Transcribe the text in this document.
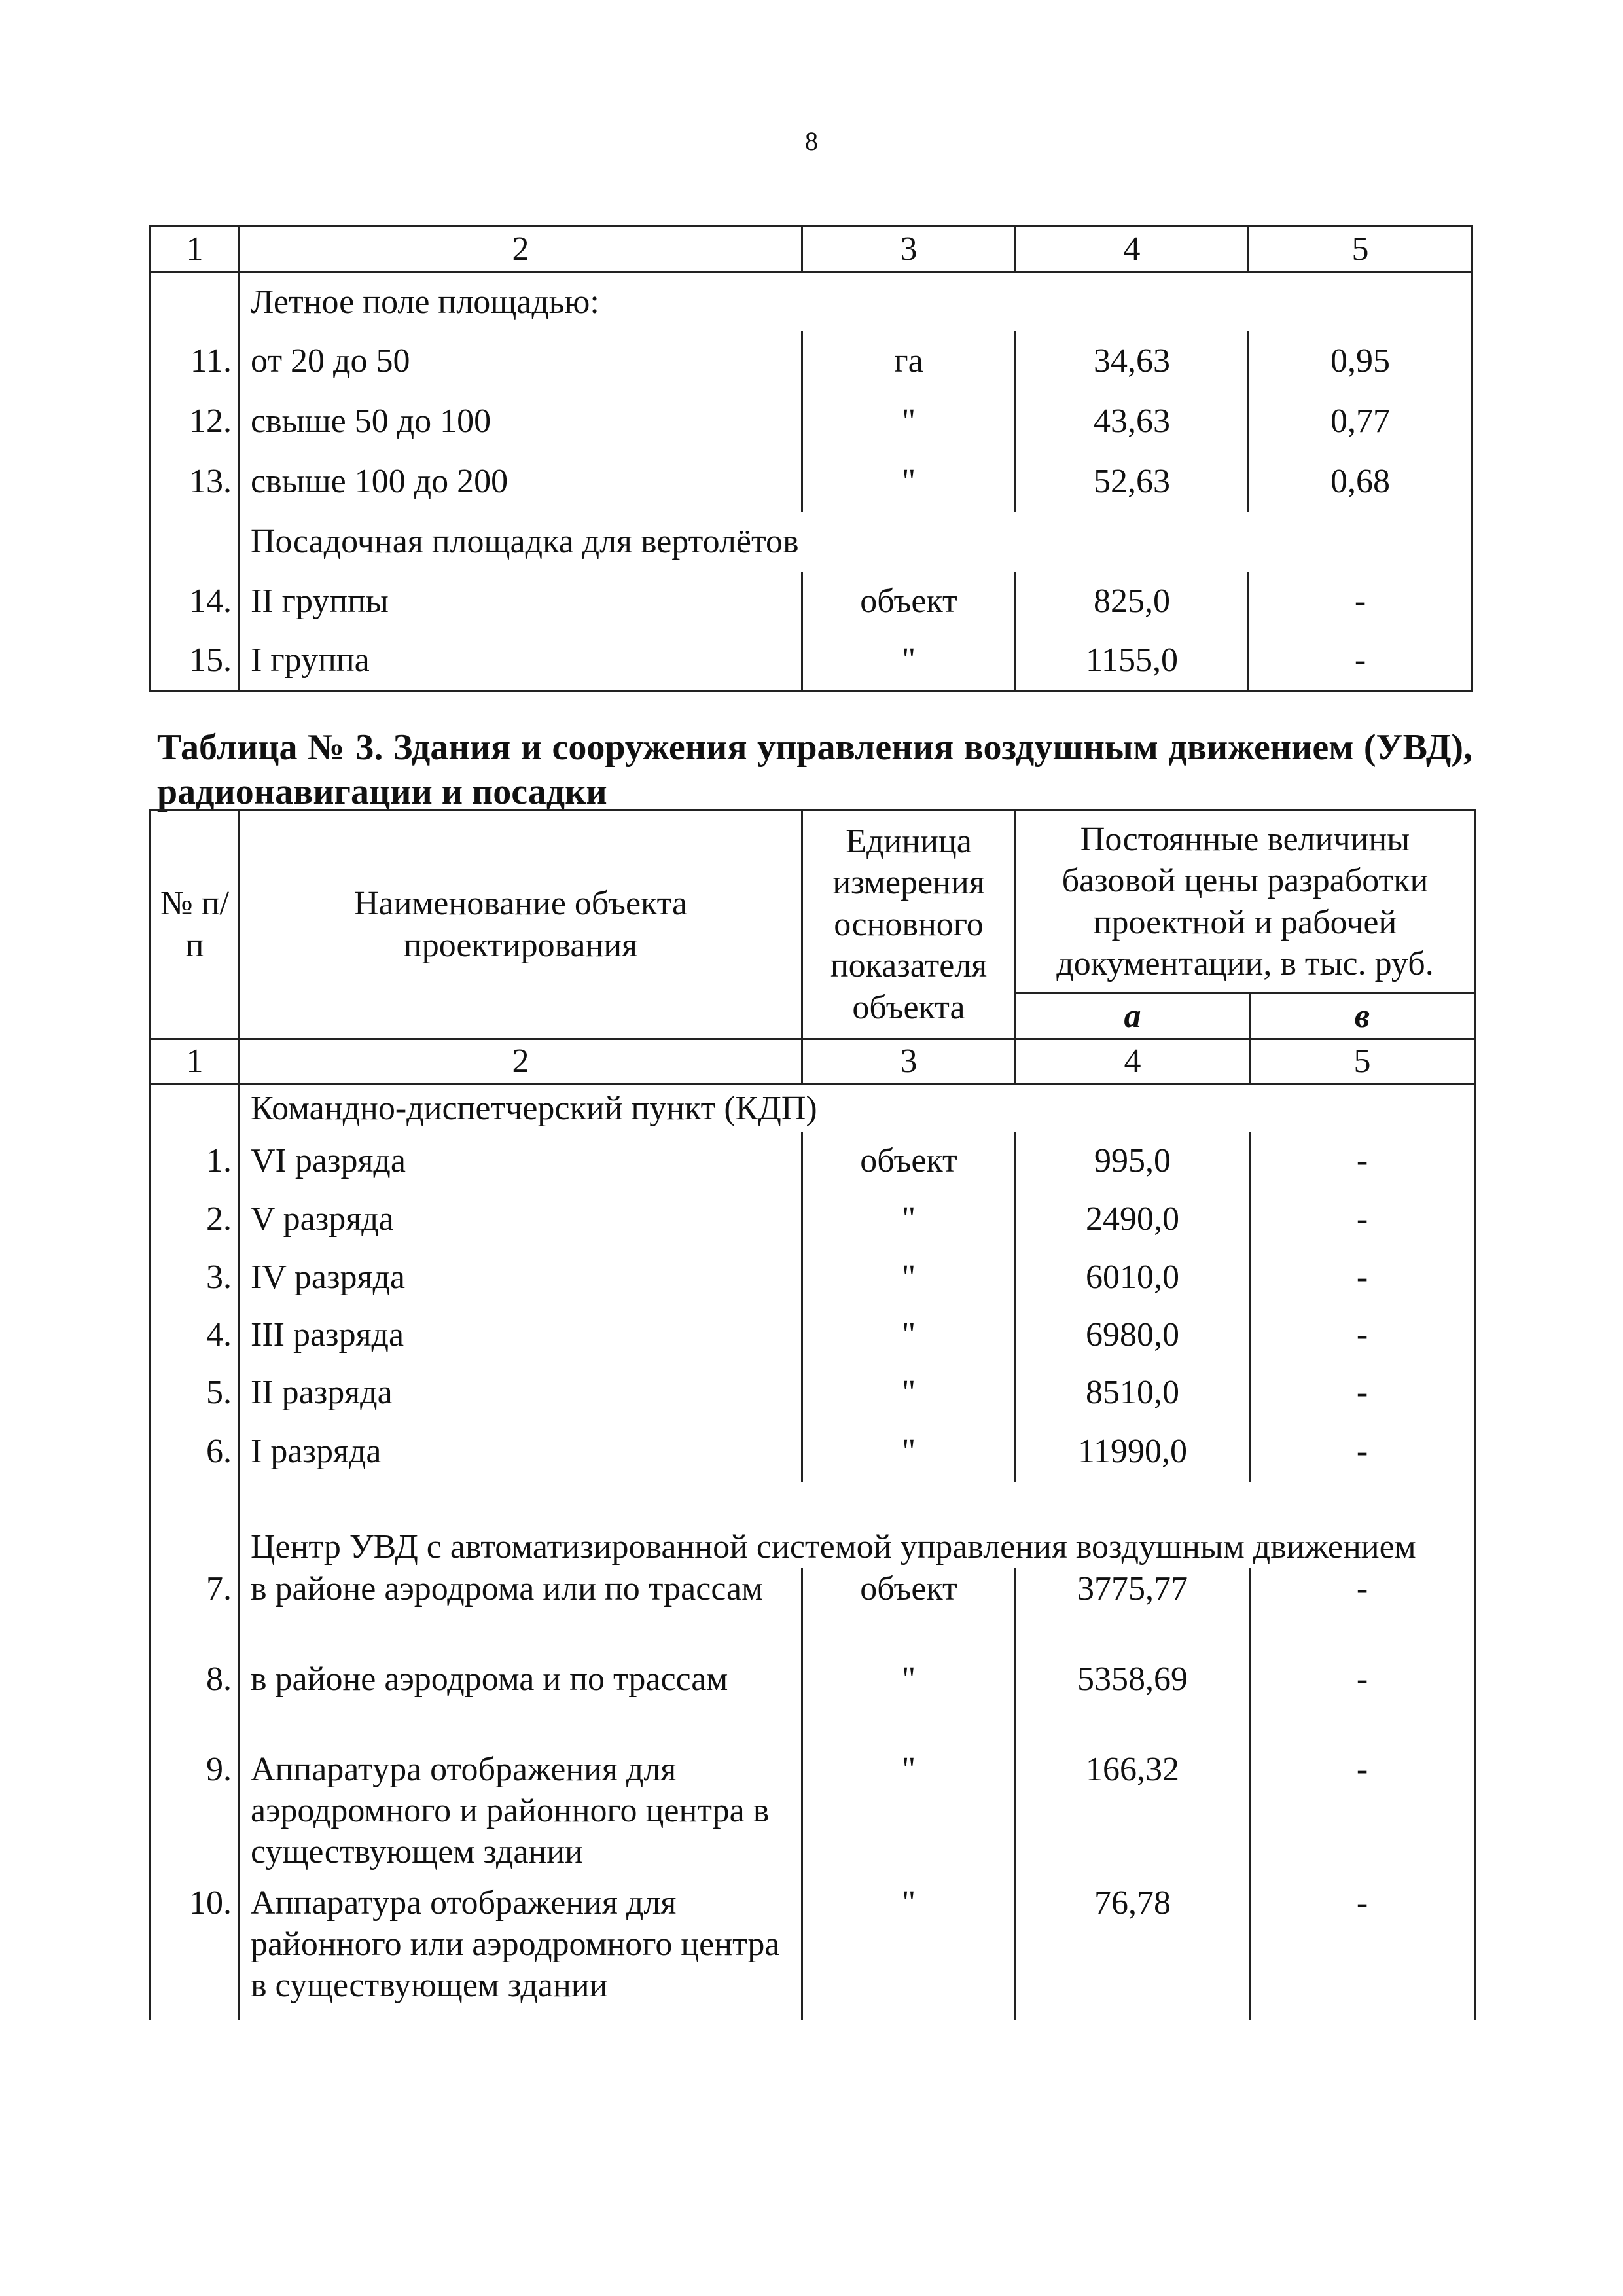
8
1	2	3	4	5
	Летное поле площадью:			
11.	от 20 до 50	га	34,63	0,95
12.	свыше 50 до 100	"	43,63	0,77
13.	свыше 100 до 200	"	52,63	0,68
	Посадочная площадка для вертолётов			
14.	II группы	объект	825,0	-
15.	I группа	"	1155,0	-
Таблица № 3. Здания и сооружения управления воздушным движением (УВД), радионавигации и посадки
№ п/п	Наименование объекта проектирования	Единица измерения основного показателя объекта	Постоянные величины базовой цены разработки проектной и рабочей документации, в тыс. руб.	
			а	в
1	2	3	4	5
	Командно-диспетчерский пункт (КДП)			
1.	VI разряда	объект	995,0	-
2.	V разряда	"	2490,0	-
3.	IV разряда	"	6010,0	-
4.	III разряда	"	6980,0	-
5.	II разряда	"	8510,0	-
6.	I разряда	"	11990,0	-
	Центр УВД с автоматизированной системой управления воздушным движением			
7.	в районе аэродрома или по трассам	объект	3775,77	-
8.	в районе аэродрома и по трассам	"	5358,69	-
9.	Аппаратура отображения для аэродромного и районного центра в существующем здании	"	166,32	-
10.	Аппаратура отображения для районного или аэродромного центра в существующем здании	"	76,78	-
